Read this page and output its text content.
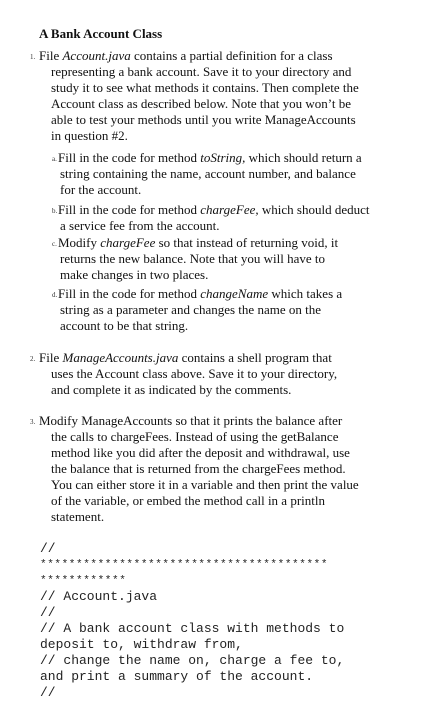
A Bank Account Class
1. File Account.java contains a partial definition for a class
representing a bank account. Save it to your directory and
study it to see what methods it contains. Then complete the
Account class as described below. Note that you won’t be
able to test your methods until you write ManageAccounts
in question #2.
a. Fill in the code for method toString, which should return a
string containing the name, account number, and balance
for the account.
b. Fill in the code for method chargeFee, which should deduct
a service fee from the account.
c. Modify chargeFee so that instead of returning void, it
returns the new balance. Note that you will have to
make changes in two places.
d. Fill in the code for method changeName which takes a
string as a parameter and changes the name on the
account to be that string.
2. File ManageAccounts.java contains a shell program that
uses the Account class above. Save it to your directory,
and complete it as indicated by the comments.
3. Modify ManageAccounts so that it prints the balance after
the calls to chargeFees. Instead of using the getBalance
method like you did after the deposit and withdrawal, use
the balance that is returned from the chargeFees method.
You can either store it in a variable and then print the value
of the variable, or embed the method call in a println
statement.
//
****************************************
************
// Account.java
//
// A bank account class with methods to
deposit to, withdraw from,
// change the name on, charge a fee to,
and print a summary of the account.
//
